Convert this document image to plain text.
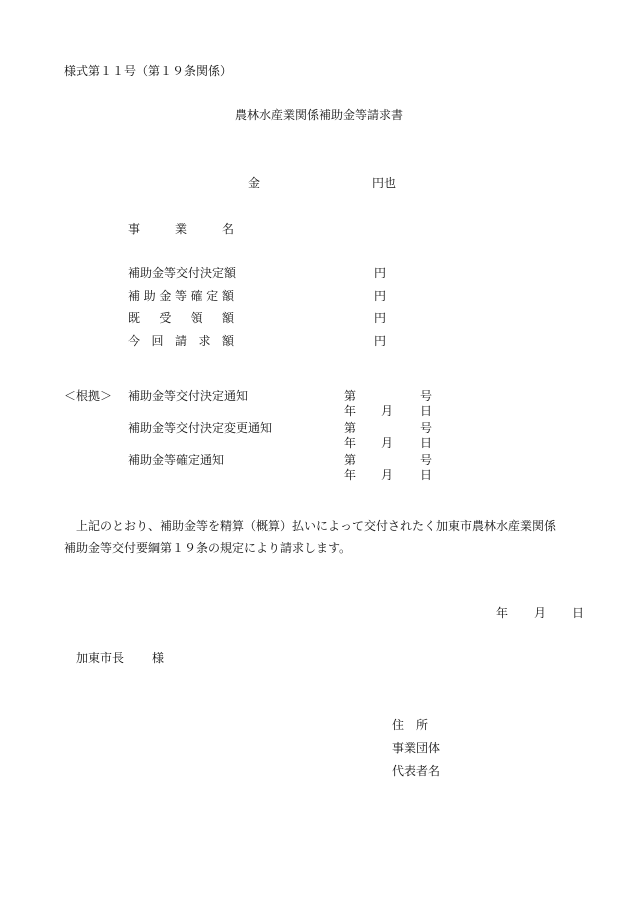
様式第１１号（第１９条関係）

農林水産業関係補助金等請求書

金	円也

事	業	名

補助金等交付決定額	円

補 助 金 等 確 定 額	円

既 受 領 額	円

今 回 請 求 額	円

＜根拠＞ 補助金等交付決定通知	第	号

年 月 日

補助金等交付決定変更通知	第	号

年 月 日

補助金等確定通知	第	号

年 月 日

上記のとおり、補助金等を精算（概算）払いによって交付されたく加東市農林水産業関係

補助金等交付要綱第１９条の規定により請求します。

年 月 日

加東市長 様

住 所

事業団体

代表者名
